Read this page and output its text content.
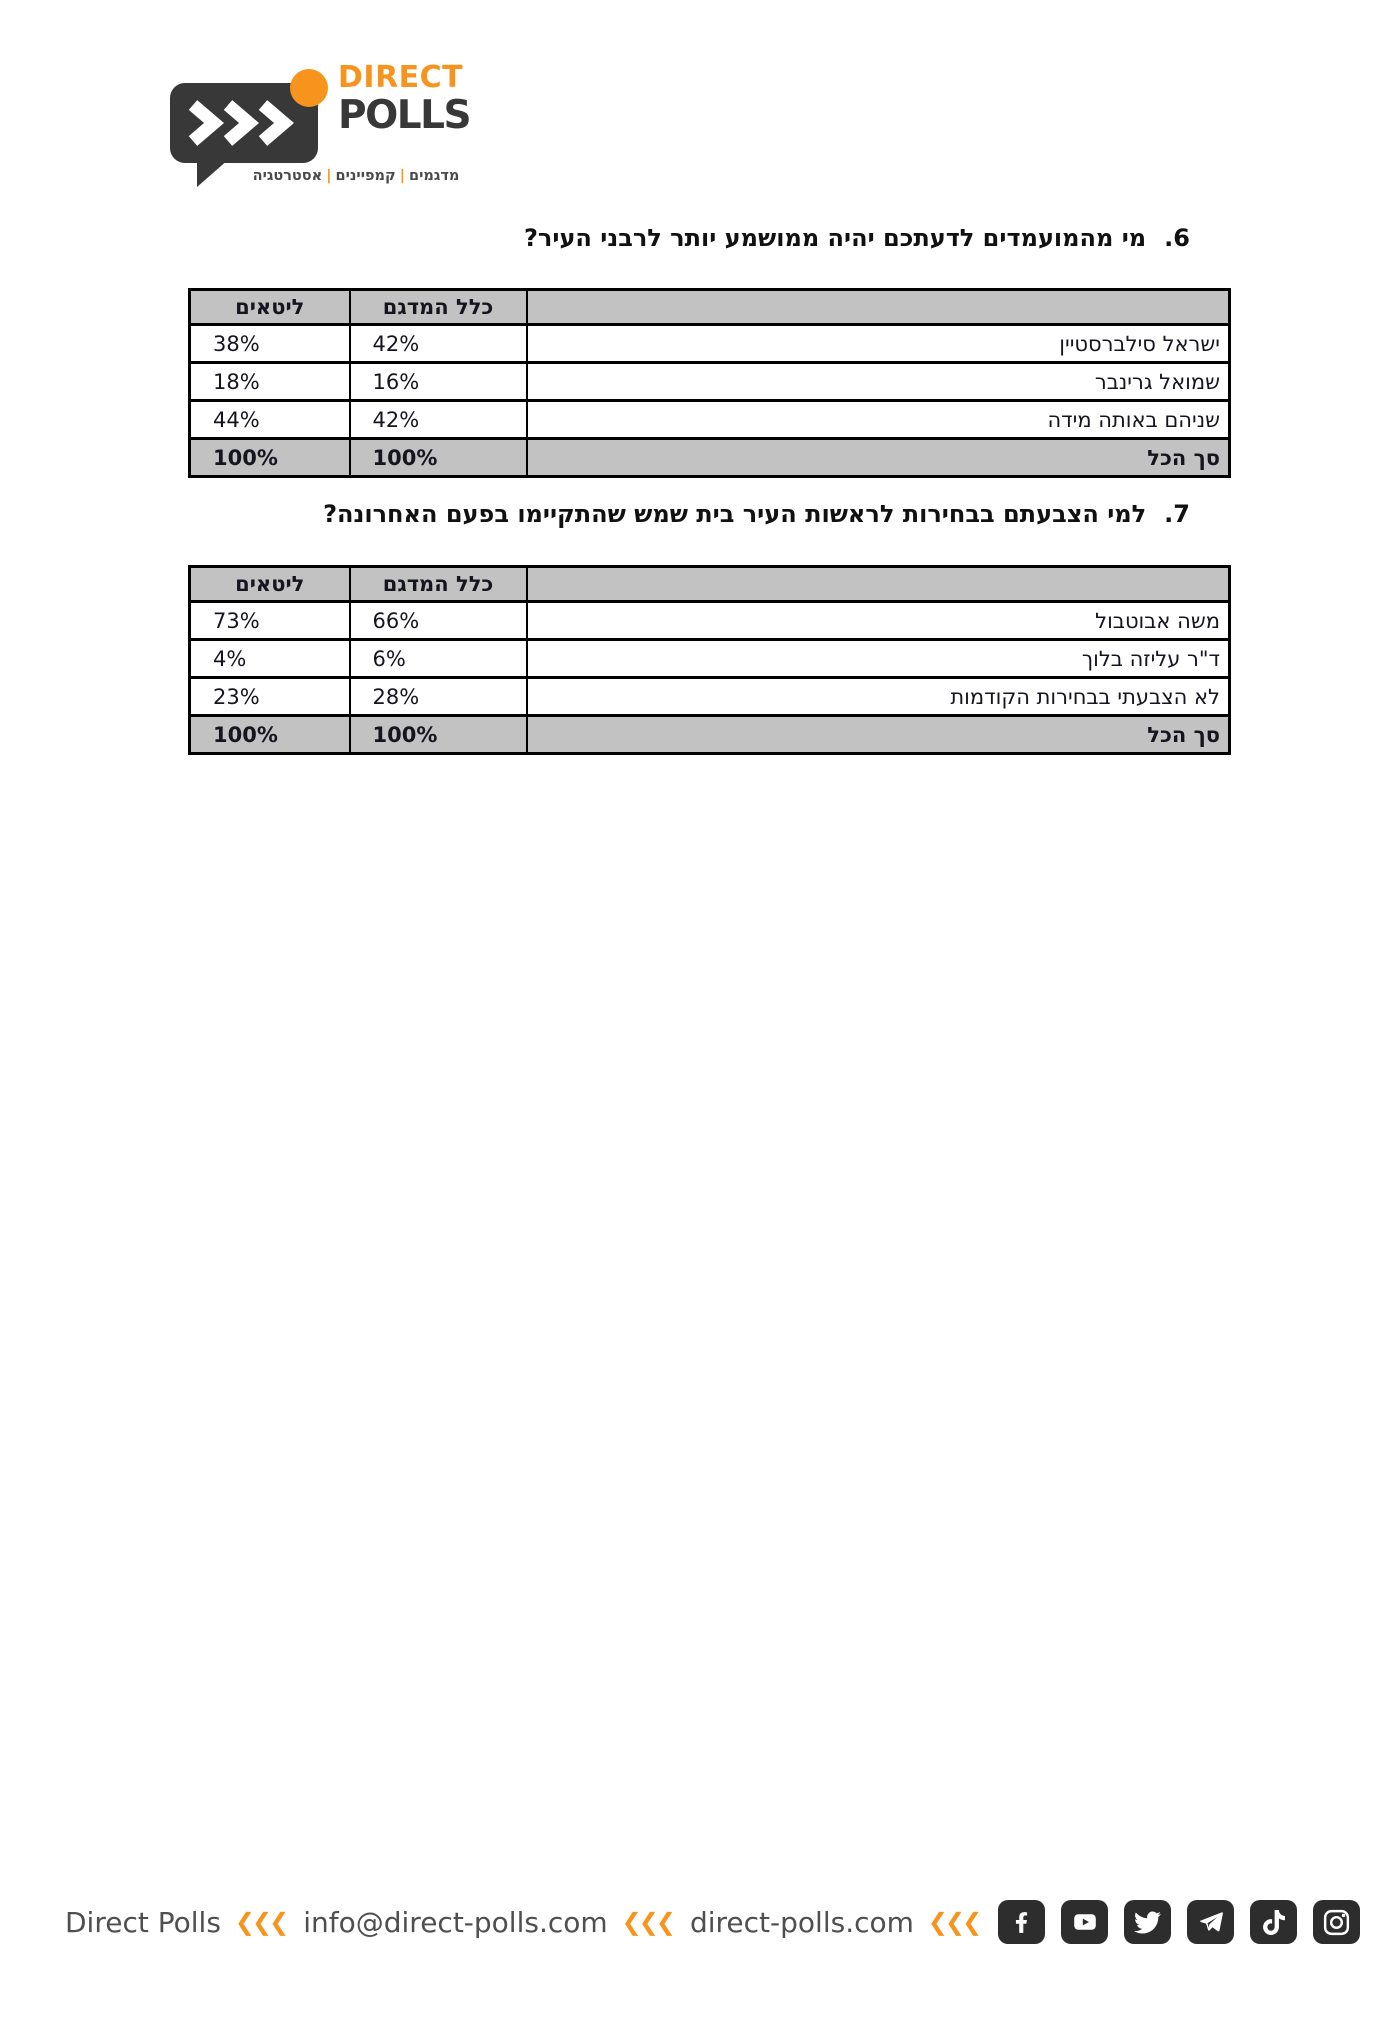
DIRECT
POLLS
מדגמים|קמפיינים|אסטרטגיה
6.
מי מהמועמדים לדעתכם יהיה ממושמע יותר לרבני העיר?
	כלל המדגם	ליטאים
ישראל סילברסטיין	42%	38%
שמואל גרינבר	16%	18%
שניהם באותה מידה	42%	44%
סך הכל	100%	100%
7.
למי הצבעתם בבחירות לראשות העיר בית שמש שהתקיימו בפעם האחרונה?
	כלל המדגם	ליטאים
משה אבוטבול	66%	73%
ד"ר עליזה בלוך	6%	4%
לא הצבעתי בבחירות הקודמות	28%	23%
סך הכל	100%	100%
Direct Polls ❮❮❮ info@direct-polls.com ❮❮❮ direct-polls.com ❮❮❮
